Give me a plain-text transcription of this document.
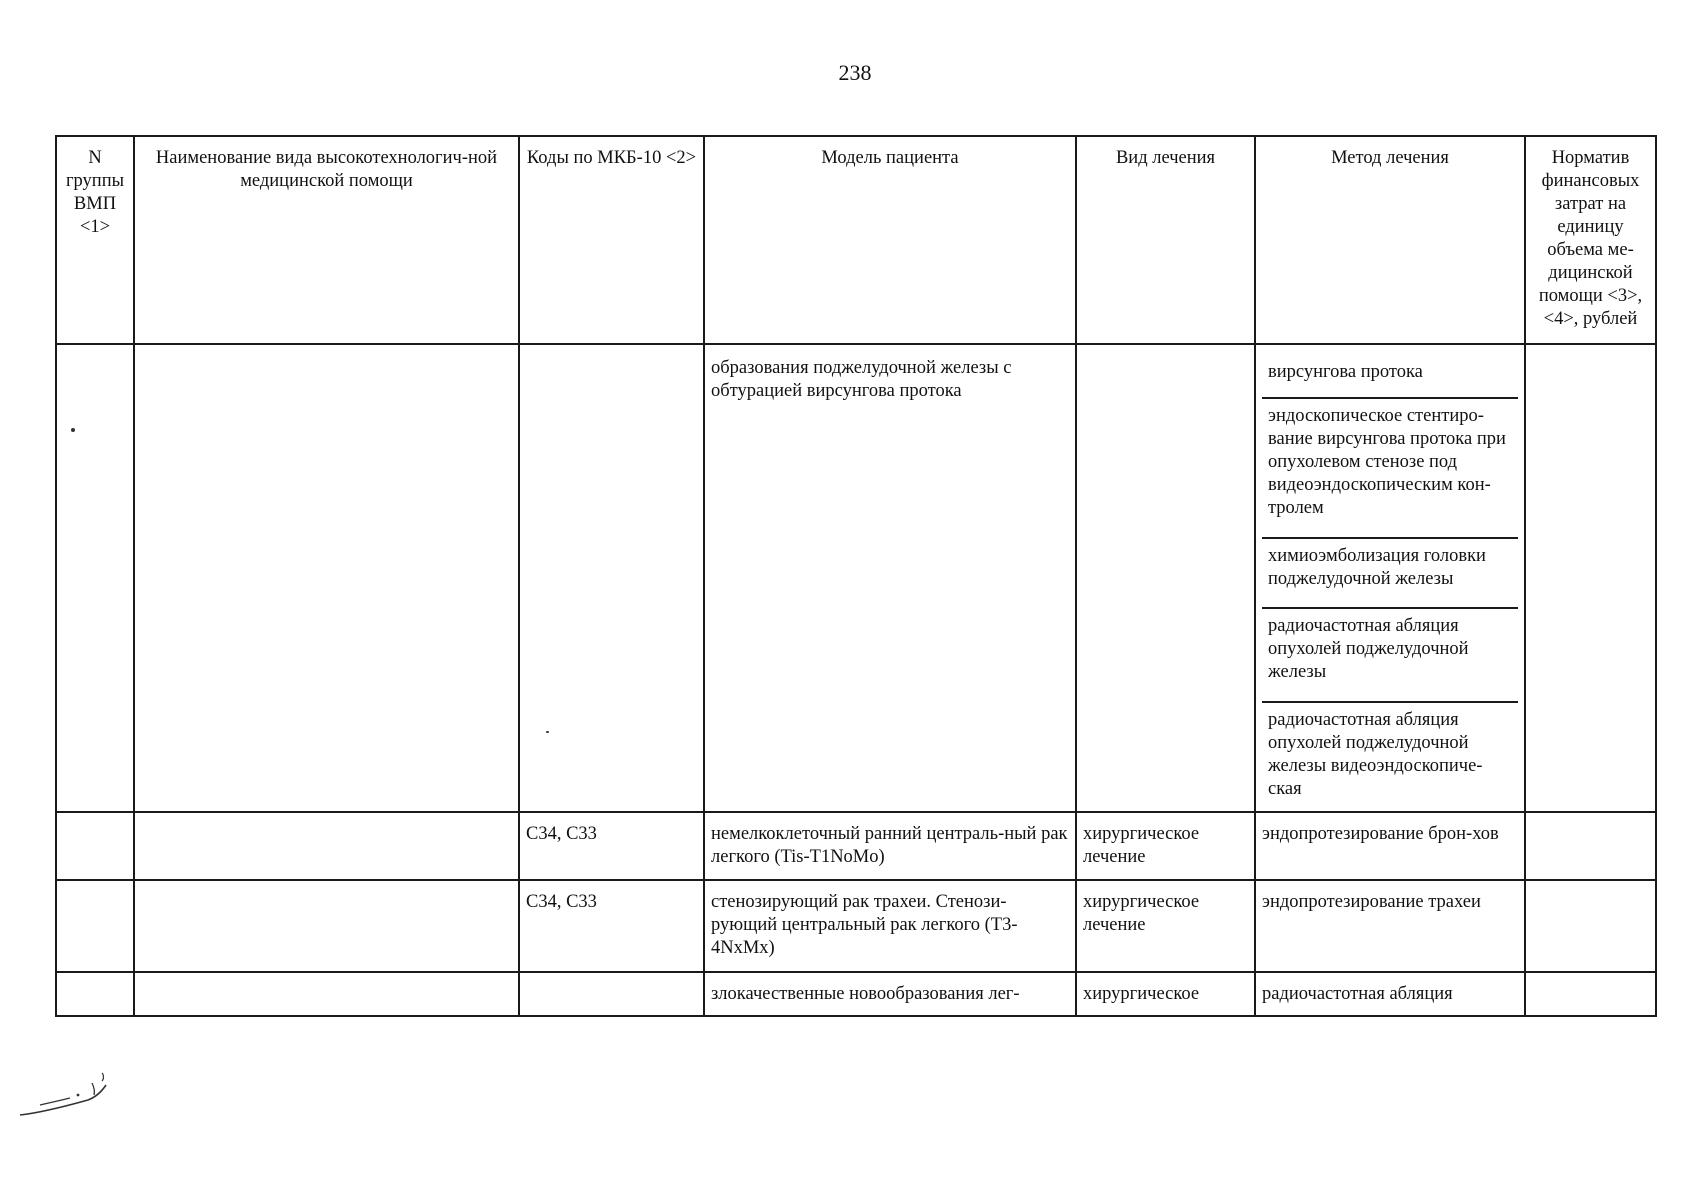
238
N группы ВМП <1>	Наименование вида высокотехнологич-ной медицинской помощи	Коды по МКБ-10 <2>	Модель пациента	Вид лечения	Метод лечения	Норматив финансовых затрат на единицу объема ме-дицинской помощи <3>, <4>, рублей
			образования поджелудочной железы с обтурацией вирсунгова протока		вирсунгова протока
эндоскопическое стентиро-вание вирсунгова протока при опухолевом стенозе под видеоэндоскопическим кон-тролем
химиоэмболизация головки поджелудочной железы
радиочастотная абляция опухолей поджелудочной железы
радиочастотная абляция опухолей поджелудочной железы видеоэндоскопиче-ская	

		C34, C33	немелкоклеточный ранний централь-ный рак легкого (Tis-T1NoMo)	хирургическое лечение	эндопротезирование брон-хов	
		C34, C33	стенозирующий рак трахеи. Стенози-рующий центральный рак легкого (T3-4NxMx)	хирургическое лечение	эндопротезирование трахеи	
			злокачественные новообразования лег-	хирургическое	радиочастотная абляция	
